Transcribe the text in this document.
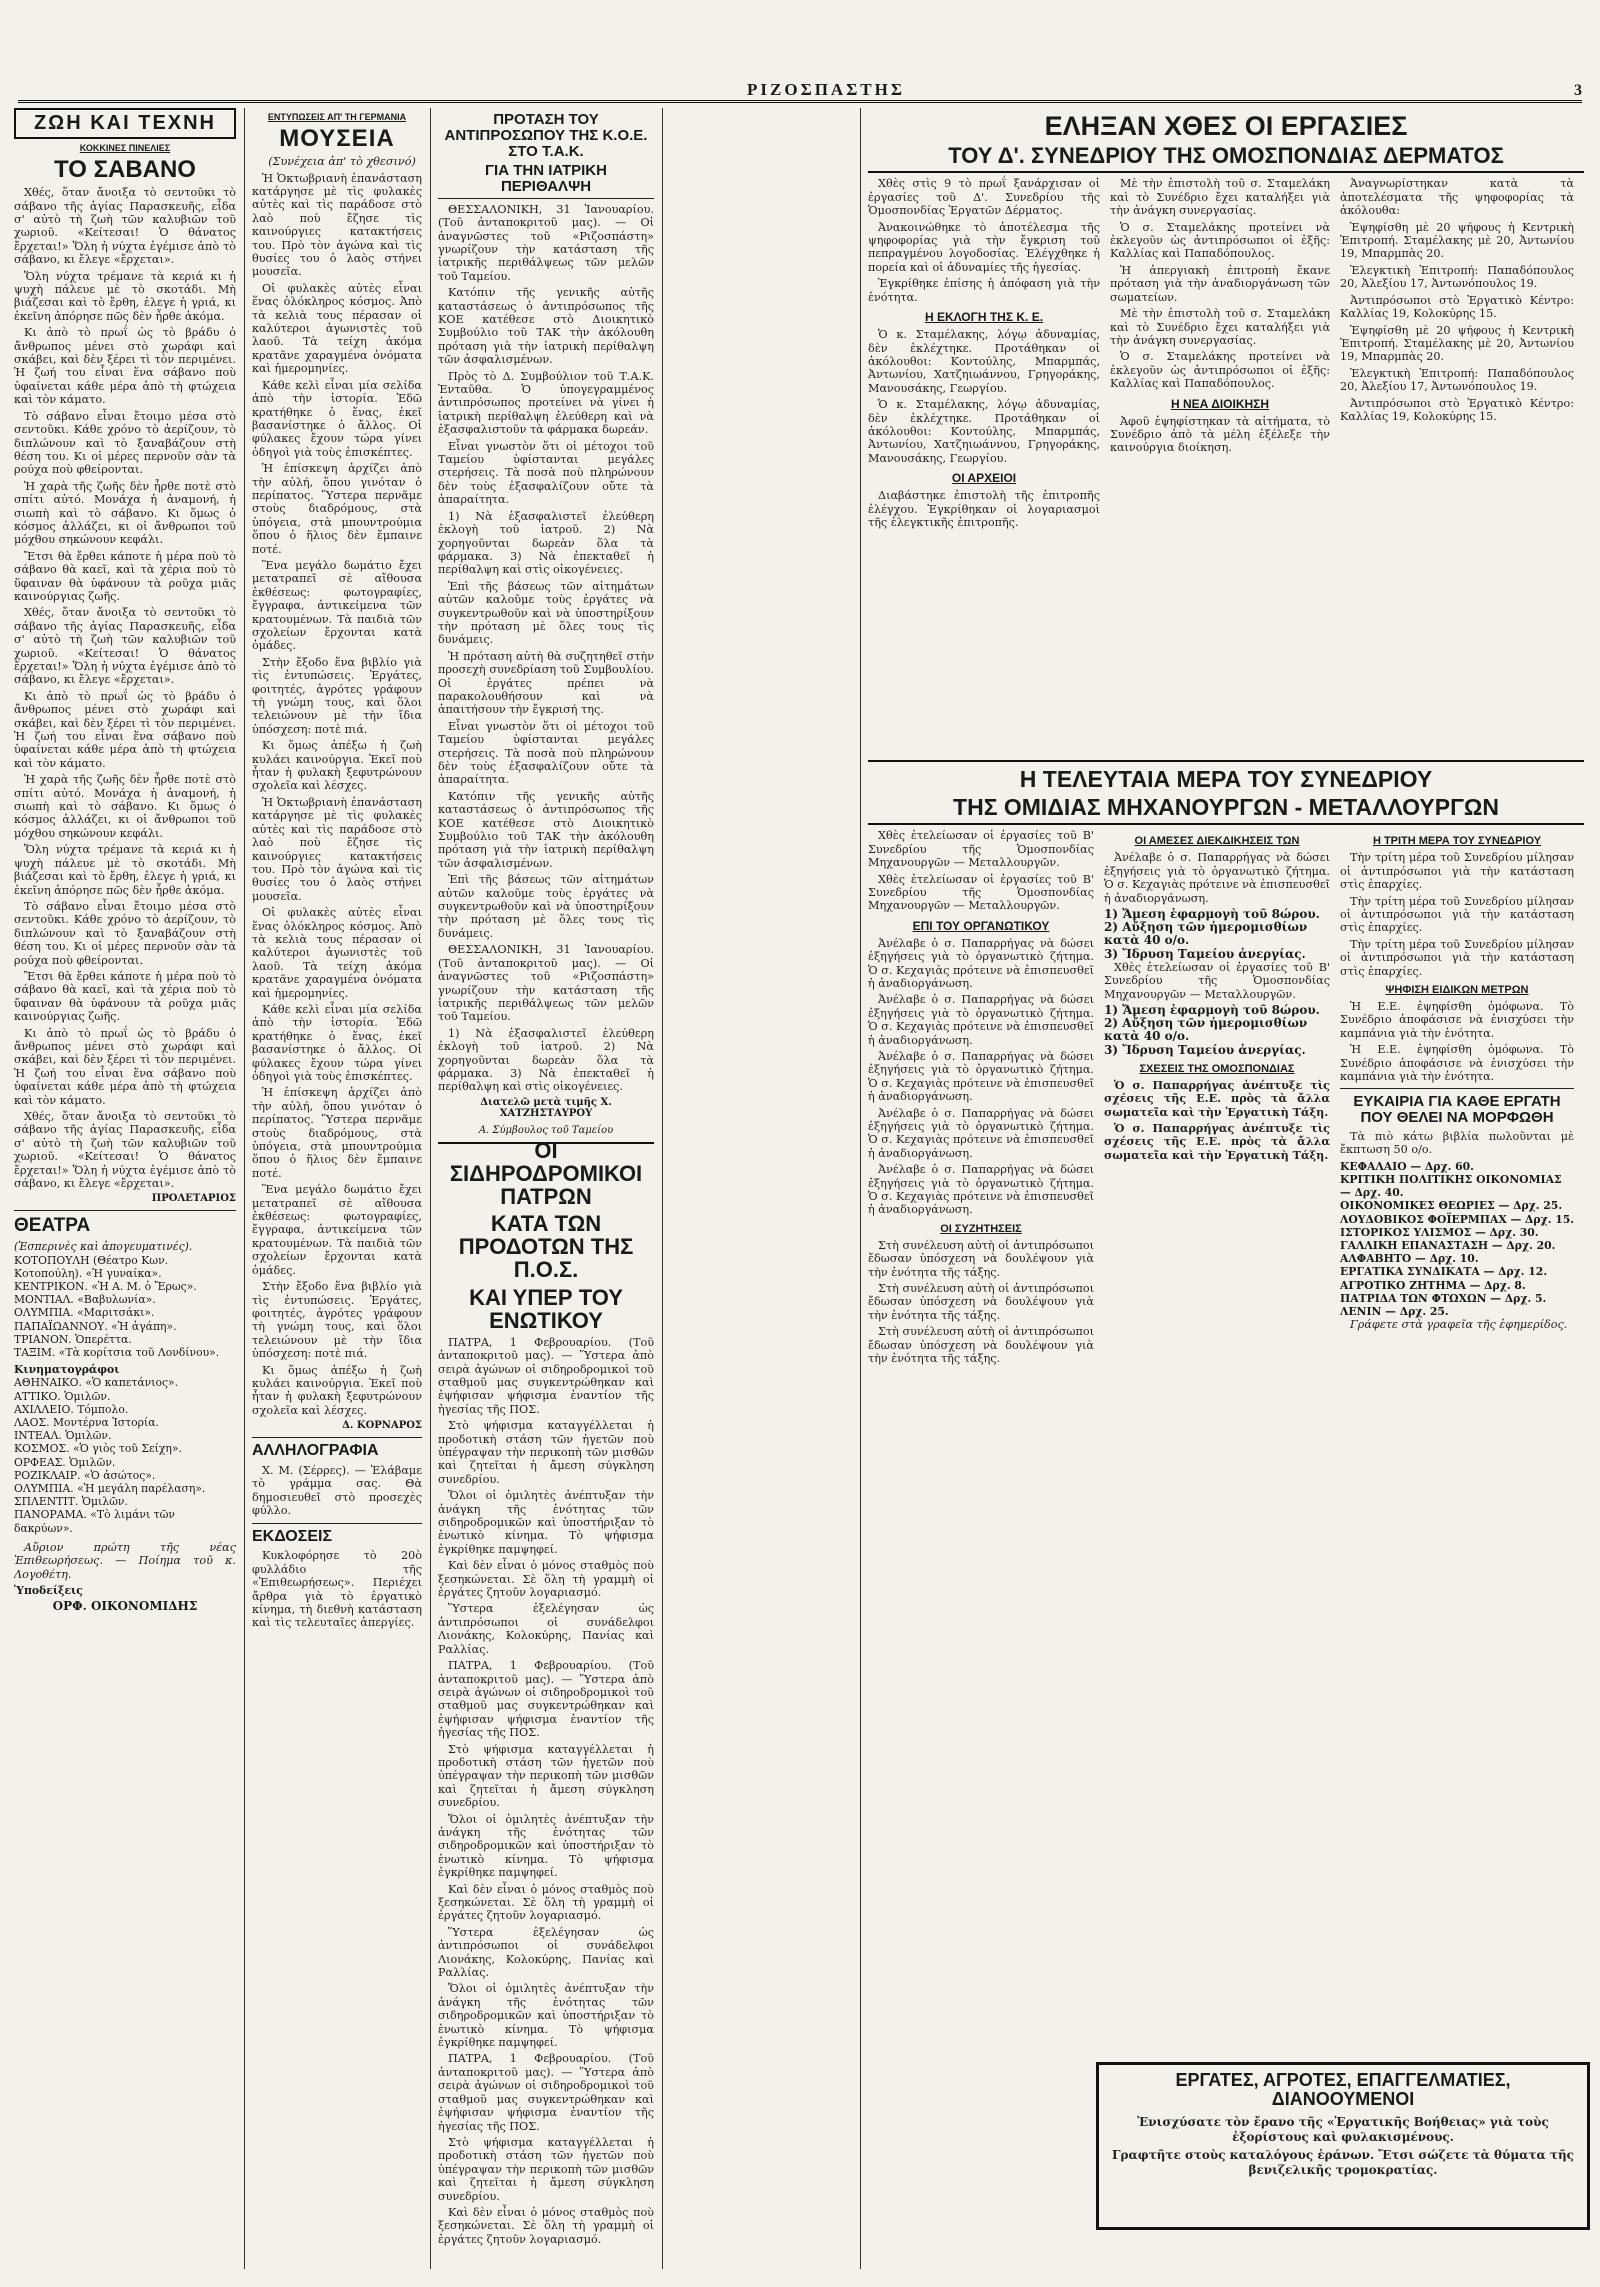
ΡΙΖΟΣΠΑΣΤΗΣ	3
ΖΩΗ ΚΑΙ ΤΕΧΝΗ
ΚΟΚΚΙΝΕΣ ΠΙΝΕΛΙΕΣ
ΤΟ ΣΑΒΑΝΟ

Χθές, ὅταν ἄνοιξα τὸ σεντοῦκι τὸ σάβανο τῆς ἀγίας Παρασκευῆς, εἶδα σ' αὐτὸ τὴ ζωὴ τῶν καλυβιῶν τοῦ χωριοῦ. «Κείτεσαι! Ὁ θάνατος ἔρχεται!» Ὅλη ἡ νύχτα ἐγέμισε ἀπὸ τὸ σάβανο, κι ἔλεγε «ἔρχεται».

Ὅλη νύχτα τρέμανε τὰ κεριά κι ἡ ψυχὴ πάλευε μὲ τὸ σκοτάδι. Μὴ βιάζεσαι καὶ τὸ ἔρθη, ἐλεγε ἡ γριά, κι ἐκεῖνη ἀπόρησε πῶς δὲν ἦρθε ἀκόμα.

Κι ἀπὸ τὸ πρωΐ ὡς τὸ βράδυ ὁ ἄνθρωπος μένει στὸ χωράφι καὶ σκάβει, καὶ δὲν ξέρει τὶ τὸν περιμένει. Ἡ ζωή του εἶναι ἕνα σάβανο ποὺ ὑφαίνεται κάθε μέρα ἀπὸ τὴ φτώχεια καὶ τὸν κάματο.

Τὸ σάβανο εἶναι ἔτοιμο μέσα στὸ σεντοῦκι. Κάθε χρόνο τὸ ἀερίζουν, τὸ διπλώνουν καὶ τὸ ξαναβάζουν στὴ θέση του. Κι οἱ μέρες περνοῦν σὰν τὰ ρούχα ποὺ φθείρονται.

Ἡ χαρὰ τῆς ζωῆς δὲν ἦρθε ποτὲ στὸ σπίτι αὐτό. Μονάχα ἡ ἀναμονή, ἡ σιωπὴ καὶ τὸ σάβανο. Κι ὅμως ὁ κόσμος ἀλλάζει, κι οἱ ἄνθρωποι τοῦ μόχθου σηκώνουν κεφάλι.

Ἔτσι θὰ ἔρθει κάποτε ἡ μέρα ποὺ τὸ σάβανο θὰ καεῖ, καὶ τὰ χέρια ποὺ τὸ ὕφαιναν θὰ ὑφάνουν τὰ ροῦχα μιᾶς καινούργιας ζωῆς.

Χθές, ὅταν ἄνοιξα τὸ σεντοῦκι τὸ σάβανο τῆς ἀγίας Παρασκευῆς, εἶδα σ' αὐτὸ τὴ ζωὴ τῶν καλυβιῶν τοῦ χωριοῦ. «Κείτεσαι! Ὁ θάνατος ἔρχεται!» Ὅλη ἡ νύχτα ἐγέμισε ἀπὸ τὸ σάβανο, κι ἔλεγε «ἔρχεται».

Κι ἀπὸ τὸ πρωΐ ὡς τὸ βράδυ ὁ ἄνθρωπος μένει στὸ χωράφι καὶ σκάβει, καὶ δὲν ξέρει τὶ τὸν περιμένει. Ἡ ζωή του εἶναι ἕνα σάβανο ποὺ ὑφαίνεται κάθε μέρα ἀπὸ τὴ φτώχεια καὶ τὸν κάματο.

Ἡ χαρὰ τῆς ζωῆς δὲν ἦρθε ποτὲ στὸ σπίτι αὐτό. Μονάχα ἡ ἀναμονή, ἡ σιωπὴ καὶ τὸ σάβανο. Κι ὅμως ὁ κόσμος ἀλλάζει, κι οἱ ἄνθρωποι τοῦ μόχθου σηκώνουν κεφάλι.

Ὅλη νύχτα τρέμανε τὰ κεριά κι ἡ ψυχὴ πάλευε μὲ τὸ σκοτάδι. Μὴ βιάζεσαι καὶ τὸ ἔρθη, ἐλεγε ἡ γριά, κι ἐκεῖνη ἀπόρησε πῶς δὲν ἦρθε ἀκόμα.

Τὸ σάβανο εἶναι ἔτοιμο μέσα στὸ σεντοῦκι. Κάθε χρόνο τὸ ἀερίζουν, τὸ διπλώνουν καὶ τὸ ξαναβάζουν στὴ θέση του. Κι οἱ μέρες περνοῦν σὰν τὰ ρούχα ποὺ φθείρονται.

Ἔτσι θὰ ἔρθει κάποτε ἡ μέρα ποὺ τὸ σάβανο θὰ καεῖ, καὶ τὰ χέρια ποὺ τὸ ὕφαιναν θὰ ὑφάνουν τὰ ροῦχα μιᾶς καινούργιας ζωῆς.

Κι ἀπὸ τὸ πρωΐ ὡς τὸ βράδυ ὁ ἄνθρωπος μένει στὸ χωράφι καὶ σκάβει, καὶ δὲν ξέρει τὶ τὸν περιμένει. Ἡ ζωή του εἶναι ἕνα σάβανο ποὺ ὑφαίνεται κάθε μέρα ἀπὸ τὴ φτώχεια καὶ τὸν κάματο.

Χθές, ὅταν ἄνοιξα τὸ σεντοῦκι τὸ σάβανο τῆς ἀγίας Παρασκευῆς, εἶδα σ' αὐτὸ τὴ ζωὴ τῶν καλυβιῶν τοῦ χωριοῦ. «Κείτεσαι! Ὁ θάνατος ἔρχεται!» Ὅλη ἡ νύχτα ἐγέμισε ἀπὸ τὸ σάβανο, κι ἔλεγε «ἔρχεται».

ΠΡΟΛΕΤΑΡΙΟΣ
ΘΕΑΤΡΑ

(Ἑσπερινὲς καὶ ἀπογευματινές).

ΚΟΤΟΠΟΥΛΗ (Θέατρο Κων. Κοτοπούλη). «Ἡ γυναίκα».

ΚΕΝΤΡΙΚΟΝ. «Ἡ Α. Μ. ὁ Ἔρως».

ΜΟΝΤΙΑΛ. «Βαβυλωνία».

ΟΛΥΜΠΙΑ. «Μαριτσάκι».

ΠΑΠΑΪΩΑΝΝΟΥ. «Ἡ ἀγάπη».

ΤΡΙΑΝΟΝ. Ὁπερέττα.

ΤΑΞΙΜ. «Τὰ κορίτσια τοῦ Λονδίνου».

Κινηματογράφοι

ΑΘΗΝΑΙΚΟ. «Ὁ καπετάνιος».

ΑΤΤΙΚΟ. Ὁμιλῶν.

ΑΧΙΛΛΕΙΟ. Τόμπολο.

ΛΑΟΣ. Μοντέρνα Ἱστορία.

ΙΝΤΕΑΛ. Ὁμιλῶν.

ΚΟΣΜΟΣ. «Ὁ γιὸς τοῦ Σείχη».

ΟΡΦΕΑΣ. Ὁμιλῶν.

ΡΟΖΙΚΛΑΙΡ. «Ὁ ἀσώτος».

ΟΛΥΜΠΙΑ. «Ἡ μεγάλη παρέλαση».

ΣΠΛΕΝΤΙΤ. Ὁμιλῶν.

ΠΑΝΟΡΑΜΑ. «Τὸ λιμάνι τῶν δακρύων».

Αὔριον πρώτη τῆς νέας Ἐπιθεωρήσεως. — Ποίημα τοῦ κ. Λογοθέτη.

Ὑποδείξεις

ΟΡΦ. ΟΙΚΟΝΟΜΙΔΗΣ
ΕΝΤΥΠΩΣΕΙΣ ΑΠ' ΤΗ ΓΕΡΜΑΝΙΑ
ΜΟΥΣΕΙΑ

(Συνέχεια ἀπ' τὸ χθεσινό)

Ἡ Ὀκτωβριανὴ ἐπανάσταση κατάργησε μὲ τὶς φυλακὲς αὐτὲς καὶ τὶς παράδοσε στὸ λαὸ ποὺ ἔζησε τὶς καινούργιες κατακτήσεις του. Πρὸ τὸν ἀγώνα καὶ τὶς θυσίες του ὁ λαὸς στήνει μουσεῖα.

Οἱ φυλακὲς αὐτὲς εἶναι ἕνας ὁλόκληρος κόσμος. Ἀπὸ τὰ κελιὰ τους πέρασαν οἱ καλύτεροι ἀγωνιστὲς τοῦ λαοῦ. Τὰ τείχη ἀκόμα κρατᾶνε χαραγμένα ὀνόματα καὶ ἡμερομηνίες.

Κάθε κελὶ εἶναι μία σελίδα ἀπὸ τὴν ἱστορία. Ἐδῶ κρατήθηκε ὁ ἕνας, ἐκεῖ βασανίστηκε ὁ ἄλλος. Οἱ φύλακες ἔχουν τώρα γίνει ὁδηγοὶ γιὰ τοὺς ἐπισκέπτες.

Ἡ ἐπίσκεψη ἀρχίζει ἀπὸ τὴν αὐλή, ὅπου γινόταν ὁ περίπατος. Ὕστερα περνᾶμε στοὺς διαδρόμους, στὰ ὑπόγεια, στὰ μπουντρούμια ὅπου ὁ ἥλιος δὲν ἔμπαινε ποτέ.

Ἕνα μεγάλο δωμάτιο ἔχει μετατραπεῖ σὲ αἴθουσα ἐκθέσεως: φωτογραφίες, ἔγγραφα, ἀντικείμενα τῶν κρατουμένων. Τὰ παιδιὰ τῶν σχολείων ἔρχονται κατὰ ὁμάδες.

Στὴν ἔξοδο ἕνα βιβλίο γιὰ τὶς ἐντυπώσεις. Ἐργάτες, φοιτητές, ἀγρότες γράφουν τὴ γνώμη τους, καὶ ὅλοι τελειώνουν μὲ τὴν ἴδια ὑπόσχεση: ποτὲ πιά.

Κι ὅμως ἀπέξω ἡ ζωὴ κυλάει καινούργια. Ἐκεῖ ποὺ ἦταν ἡ φυλακὴ ξεφυτρώνουν σχολεῖα καὶ λέσχες.

Ἡ Ὀκτωβριανὴ ἐπανάσταση κατάργησε μὲ τὶς φυλακὲς αὐτὲς καὶ τὶς παράδοσε στὸ λαὸ ποὺ ἔζησε τὶς καινούργιες κατακτήσεις του. Πρὸ τὸν ἀγώνα καὶ τὶς θυσίες του ὁ λαὸς στήνει μουσεῖα.

Οἱ φυλακὲς αὐτὲς εἶναι ἕνας ὁλόκληρος κόσμος. Ἀπὸ τὰ κελιὰ τους πέρασαν οἱ καλύτεροι ἀγωνιστὲς τοῦ λαοῦ. Τὰ τείχη ἀκόμα κρατᾶνε χαραγμένα ὀνόματα καὶ ἡμερομηνίες.

Κάθε κελὶ εἶναι μία σελίδα ἀπὸ τὴν ἱστορία. Ἐδῶ κρατήθηκε ὁ ἕνας, ἐκεῖ βασανίστηκε ὁ ἄλλος. Οἱ φύλακες ἔχουν τώρα γίνει ὁδηγοὶ γιὰ τοὺς ἐπισκέπτες.

Ἡ ἐπίσκεψη ἀρχίζει ἀπὸ τὴν αὐλή, ὅπου γινόταν ὁ περίπατος. Ὕστερα περνᾶμε στοὺς διαδρόμους, στὰ ὑπόγεια, στὰ μπουντρούμια ὅπου ὁ ἥλιος δὲν ἔμπαινε ποτέ.

Ἕνα μεγάλο δωμάτιο ἔχει μετατραπεῖ σὲ αἴθουσα ἐκθέσεως: φωτογραφίες, ἔγγραφα, ἀντικείμενα τῶν κρατουμένων. Τὰ παιδιὰ τῶν σχολείων ἔρχονται κατὰ ὁμάδες.

Στὴν ἔξοδο ἕνα βιβλίο γιὰ τὶς ἐντυπώσεις. Ἐργάτες, φοιτητές, ἀγρότες γράφουν τὴ γνώμη τους, καὶ ὅλοι τελειώνουν μὲ τὴν ἴδια ὑπόσχεση: ποτὲ πιά.

Κι ὅμως ἀπέξω ἡ ζωὴ κυλάει καινούργια. Ἐκεῖ ποὺ ἦταν ἡ φυλακὴ ξεφυτρώνουν σχολεῖα καὶ λέσχες.

Δ. ΚΟΡΝΑΡΟΣ
ΑΛΛΗΛΟΓΡΑΦΙΑ

Χ. Μ. (Σέρρες). — Ἐλάβαμε τὸ γράμμα σας. Θὰ δημοσιευθεῖ στὸ προσεχὲς φύλλο.

ΕΚΔΟΣΕΙΣ

Κυκλοφόρησε τὸ 20ὸ φυλλάδιο τῆς «Ἐπιθεωρήσεως». Περιέχει ἄρθρα γιὰ τὸ ἐργατικὸ κίνημα, τὴ διεθνὴ κατάσταση καὶ τὶς τελευταῖες ἀπεργίες.

ΠΡΟΤΑΣΗ ΤΟΥ ΑΝΤΙΠΡΟΣΩΠΟΥ ΤΗΣ Κ.Ο.Ε. ΣΤΟ Τ.Α.Κ.
ΓΙΑ ΤΗΝ ΙΑΤΡΙΚΗ ΠΕΡΙΘΑΛΨΗ

ΘΕΣΣΑΛΟΝΙΚΗ, 31 Ἰανουαρίου. (Τοῦ ἀνταποκριτοῦ μας). — Οἱ ἀναγνῶστες τοῦ «Ριζοσπάστη» γνωρίζουν τὴν κατάσταση τῆς ἰατρικῆς περιθάλψεως τῶν μελῶν τοῦ Ταμείου.

Κατόπιν τῆς γενικῆς αὐτῆς καταστάσεως ὁ ἀντιπρόσωπος τῆς ΚΟΕ κατέθεσε στὸ Διοικητικὸ Συμβούλιο τοῦ ΤΑΚ τὴν ἀκόλουθη πρόταση γιὰ τὴν ἰατρικὴ περίθαλψη τῶν ἀσφαλισμένων.

Πρὸς τὸ Δ. Συμβούλιον τοῦ Τ.Α.Κ. Ἐνταῦθα. Ὁ ὑπογεγραμμένος ἀντιπρόσωπος προτείνει νὰ γίνει ἡ ἰατρικὴ περίθαλψη ἐλεύθερη καὶ νὰ ἐξασφαλιστοῦν τὰ φάρμακα δωρεάν.

Εἶναι γνωστὸν ὅτι οἱ μέτοχοι τοῦ Ταμείου ὑφίστανται μεγάλες στερήσεις. Τὰ ποσὰ ποὺ πληρώνουν δὲν τοὺς ἐξασφαλίζουν οὔτε τὰ ἀπαραίτητα.

1) Νὰ ἐξασφαλιστεῖ ἐλεύθερη ἐκλογὴ τοῦ ἰατροῦ. 2) Νὰ χορηγοῦνται δωρεὰν ὅλα τὰ φάρμακα. 3) Νὰ ἐπεκταθεῖ ἡ περίθαλψη καὶ στὶς οἰκογένειες.

Ἐπὶ τῆς βάσεως τῶν αἰτημάτων αὐτῶν καλοῦμε τοὺς ἐργάτες νὰ συγκεντρωθοῦν καὶ νὰ ὑποστηρίξουν τὴν πρόταση μὲ ὅλες τους τὶς δυνάμεις.

Ἡ πρόταση αὐτὴ θὰ συζητηθεῖ στὴν προσεχὴ συνεδρίαση τοῦ Συμβουλίου. Οἱ ἐργάτες πρέπει νὰ παρακολουθήσουν καὶ νὰ ἀπαιτήσουν τὴν ἔγκρισή της.

Εἶναι γνωστὸν ὅτι οἱ μέτοχοι τοῦ Ταμείου ὑφίστανται μεγάλες στερήσεις. Τὰ ποσὰ ποὺ πληρώνουν δὲν τοὺς ἐξασφαλίζουν οὔτε τὰ ἀπαραίτητα.

Κατόπιν τῆς γενικῆς αὐτῆς καταστάσεως ὁ ἀντιπρόσωπος τῆς ΚΟΕ κατέθεσε στὸ Διοικητικὸ Συμβούλιο τοῦ ΤΑΚ τὴν ἀκόλουθη πρόταση γιὰ τὴν ἰατρικὴ περίθαλψη τῶν ἀσφαλισμένων.

Ἐπὶ τῆς βάσεως τῶν αἰτημάτων αὐτῶν καλοῦμε τοὺς ἐργάτες νὰ συγκεντρωθοῦν καὶ νὰ ὑποστηρίξουν τὴν πρόταση μὲ ὅλες τους τὶς δυνάμεις.

ΘΕΣΣΑΛΟΝΙΚΗ, 31 Ἰανουαρίου. (Τοῦ ἀνταποκριτοῦ μας). — Οἱ ἀναγνῶστες τοῦ «Ριζοσπάστη» γνωρίζουν τὴν κατάσταση τῆς ἰατρικῆς περιθάλψεως τῶν μελῶν τοῦ Ταμείου.

1) Νὰ ἐξασφαλιστεῖ ἐλεύθερη ἐκλογὴ τοῦ ἰατροῦ. 2) Νὰ χορηγοῦνται δωρεὰν ὅλα τὰ φάρμακα. 3) Νὰ ἐπεκταθεῖ ἡ περίθαλψη καὶ στὶς οἰκογένειες.

Διατελῶ μετὰ τιμῆς Χ. ΧΑΤΖΗΣΤΑΥΡΟΥ
Α. Σύμβουλος τοῦ Ταμείου
ΟΙ ΣΙΔΗΡΟΔΡΟΜΙΚΟΙ ΠΑΤΡΩΝ
ΚΑΤΑ ΤΩΝ ΠΡΟΔΟΤΩΝ ΤΗΣ Π.Ο.Σ.
ΚΑΙ ΥΠΕΡ ΤΟΥ ΕΝΩΤΙΚΟΥ

ΠΑΤΡΑ, 1 Φεβρουαρίου. (Τοῦ ἀνταποκριτοῦ μας). — Ὕστερα ἀπὸ σειρὰ ἀγώνων οἱ σιδηροδρομικοὶ τοῦ σταθμοῦ μας συγκεντρώθηκαν καὶ ἐψήφισαν ψήφισμα ἐναντίον τῆς ἡγεσίας τῆς ΠΟΣ.

Στὸ ψήφισμα καταγγέλλεται ἡ προδοτικὴ στάση τῶν ἡγετῶν ποὺ ὑπέγραψαν τὴν περικοπὴ τῶν μισθῶν καὶ ζητεῖται ἡ ἄμεση σύγκληση συνεδρίου.

Ὅλοι οἱ ὁμιλητὲς ἀνέπτυξαν τὴν ἀνάγκη τῆς ἑνότητας τῶν σιδηροδρομικῶν καὶ ὑποστήριξαν τὸ ἑνωτικὸ κίνημα. Τὸ ψήφισμα ἐγκρίθηκε παμψηφεί.

Καὶ δὲν εἶναι ὁ μόνος σταθμὸς ποὺ ξεσηκώνεται. Σὲ ὅλη τὴ γραμμὴ οἱ ἐργάτες ζητοῦν λογαριασμό.

Ὕστερα ἐξελέγησαν ὡς ἀντιπρόσωποι οἱ συνάδελφοι Λιονάκης, Κολοκύρης, Πανίας καὶ Ραλλίας.

ΠΑΤΡΑ, 1 Φεβρουαρίου. (Τοῦ ἀνταποκριτοῦ μας). — Ὕστερα ἀπὸ σειρὰ ἀγώνων οἱ σιδηροδρομικοὶ τοῦ σταθμοῦ μας συγκεντρώθηκαν καὶ ἐψήφισαν ψήφισμα ἐναντίον τῆς ἡγεσίας τῆς ΠΟΣ.

Στὸ ψήφισμα καταγγέλλεται ἡ προδοτικὴ στάση τῶν ἡγετῶν ποὺ ὑπέγραψαν τὴν περικοπὴ τῶν μισθῶν καὶ ζητεῖται ἡ ἄμεση σύγκληση συνεδρίου.

Ὅλοι οἱ ὁμιλητὲς ἀνέπτυξαν τὴν ἀνάγκη τῆς ἑνότητας τῶν σιδηροδρομικῶν καὶ ὑποστήριξαν τὸ ἑνωτικὸ κίνημα. Τὸ ψήφισμα ἐγκρίθηκε παμψηφεί.

Καὶ δὲν εἶναι ὁ μόνος σταθμὸς ποὺ ξεσηκώνεται. Σὲ ὅλη τὴ γραμμὴ οἱ ἐργάτες ζητοῦν λογαριασμό.

Ὕστερα ἐξελέγησαν ὡς ἀντιπρόσωποι οἱ συνάδελφοι Λιονάκης, Κολοκύρης, Πανίας καὶ Ραλλίας.

Ὅλοι οἱ ὁμιλητὲς ἀνέπτυξαν τὴν ἀνάγκη τῆς ἑνότητας τῶν σιδηροδρομικῶν καὶ ὑποστήριξαν τὸ ἑνωτικὸ κίνημα. Τὸ ψήφισμα ἐγκρίθηκε παμψηφεί.

ΠΑΤΡΑ, 1 Φεβρουαρίου. (Τοῦ ἀνταποκριτοῦ μας). — Ὕστερα ἀπὸ σειρὰ ἀγώνων οἱ σιδηροδρομικοὶ τοῦ σταθμοῦ μας συγκεντρώθηκαν καὶ ἐψήφισαν ψήφισμα ἐναντίον τῆς ἡγεσίας τῆς ΠΟΣ.

Στὸ ψήφισμα καταγγέλλεται ἡ προδοτικὴ στάση τῶν ἡγετῶν ποὺ ὑπέγραψαν τὴν περικοπὴ τῶν μισθῶν καὶ ζητεῖται ἡ ἄμεση σύγκληση συνεδρίου.

Καὶ δὲν εἶναι ὁ μόνος σταθμὸς ποὺ ξεσηκώνεται. Σὲ ὅλη τὴ γραμμὴ οἱ ἐργάτες ζητοῦν λογαριασμό.

ΕΛΗΞΑΝ ΧΘΕΣ ΟΙ ΕΡΓΑΣΙΕΣ
ΤΟΥ Δ'. ΣΥΝΕΔΡΙΟΥ ΤΗΣ ΟΜΟΣΠΟΝΔΙΑΣ ΔΕΡΜΑΤΟΣ

Χθὲς στὶς 9 τὸ πρωΐ ξανάρχισαν οἱ ἐργασίες τοῦ Δ'. Συνεδρίου τῆς Ὁμοσπονδίας Ἐργατῶν Δέρματος.

Ἀνακοινώθηκε τὸ ἀποτέλεσμα τῆς ψηφοφορίας γιὰ τὴν ἔγκριση τοῦ πεπραγμένου λογοδοσίας. Ἐλέγχθηκε ἡ πορεία καὶ οἱ ἀδυναμίες τῆς ἡγεσίας.

Ἐγκρίθηκε ἐπίσης ἡ ἀπόφαση γιὰ τὴν ἑνότητα.

Η ΕΚΛΟΓΗ ΤΗΣ Κ. Ε.

Ὁ κ. Σταμέλακης, λόγῳ ἀδυναμίας, δὲν ἐκλέχτηκε. Προτάθηκαν οἱ ἀκόλουθοι: Κοντούλης, Μπαρμπάς, Ἀντωνίου, Χατζηιωάννου, Γρηγοράκης, Μανουσάκης, Γεωργίου.

Ὁ κ. Σταμέλακης, λόγῳ ἀδυναμίας, δὲν ἐκλέχτηκε. Προτάθηκαν οἱ ἀκόλουθοι: Κοντούλης, Μπαρμπάς, Ἀντωνίου, Χατζηιωάννου, Γρηγοράκης, Μανουσάκης, Γεωργίου.

ΟΙ ΑΡΧΕΙΟΙ

Διαβάστηκε ἐπιστολὴ τῆς ἐπιτροπῆς ἐλέγχου. Ἐγκρίθηκαν οἱ λογαριασμοὶ τῆς ἐλεγκτικῆς ἐπιτροπῆς.

Μὲ τὴν ἐπιστολὴ τοῦ σ. Σταμελάκη καὶ τὸ Συνέδριο ἔχει καταλήξει γιὰ τὴν ἀνάγκη συνεργασίας.

Ὁ σ. Σταμελάκης προτείνει νὰ ἐκλεγοῦν ὡς ἀντιπρόσωποι οἱ ἑξῆς: Καλλίας καὶ Παπαδόπουλος.

Ἡ ἀπεργιακὴ ἐπιτροπὴ ἔκανε πρόταση γιὰ τὴν ἀναδιοργάνωση τῶν σωματείων.

Μὲ τὴν ἐπιστολὴ τοῦ σ. Σταμελάκη καὶ τὸ Συνέδριο ἔχει καταλήξει γιὰ τὴν ἀνάγκη συνεργασίας.

Ὁ σ. Σταμελάκης προτείνει νὰ ἐκλεγοῦν ὡς ἀντιπρόσωποι οἱ ἑξῆς: Καλλίας καὶ Παπαδόπουλος.

Η ΝΕΑ ΔΙΟΙΚΗΣΗ

Ἀφοῦ ἐψηφίστηκαν τὰ αἰτήματα, τὸ Συνέδριο ἀπὸ τὰ μέλη ἐξέλεξε τὴν καινούργια διοίκηση.

Ἀναγνωρίστηκαν κατὰ τὰ ἀποτελέσματα τῆς ψηφοφορίας τὰ ἀκόλουθα:

Ἐψηφίσθη μὲ 20 ψήφους ἡ Κεντρικὴ Ἐπιτροπή. Σταμέλακης μὲ 20, Ἀντωνίου 19, Μπαρμπὰς 20.

Ἐλεγκτικὴ Ἐπιτροπή: Παπαδόπουλος 20, Ἀλεξίου 17, Ἀντωνόπουλος 19.

Ἀντιπρόσωποι στὸ Ἐργατικὸ Κέντρο: Καλλίας 19, Κολοκύρης 15.

Ἐψηφίσθη μὲ 20 ψήφους ἡ Κεντρικὴ Ἐπιτροπή. Σταμέλακης μὲ 20, Ἀντωνίου 19, Μπαρμπὰς 20.

Ἐλεγκτικὴ Ἐπιτροπή: Παπαδόπουλος 20, Ἀλεξίου 17, Ἀντωνόπουλος 19.

Ἀντιπρόσωποι στὸ Ἐργατικὸ Κέντρο: Καλλίας 19, Κολοκύρης 15.

Η ΤΕΛΕΥΤΑΙΑ ΜΕΡΑ ΤΟΥ ΣΥΝΕΔΡΙΟΥ
ΤΗΣ ΟΜΙΔΙΑΣ ΜΗΧΑΝΟΥΡΓΩΝ - ΜΕΤΑΛΛΟΥΡΓΩΝ

Χθὲς ἐτελείωσαν οἱ ἐργασίες τοῦ Β' Συνεδρίου τῆς Ὁμοσπονδίας Μηχανουργῶν — Μεταλλουργῶν.

Χθὲς ἐτελείωσαν οἱ ἐργασίες τοῦ Β' Συνεδρίου τῆς Ὁμοσπονδίας Μηχανουργῶν — Μεταλλουργῶν.

ΕΠΙ ΤΟΥ ΟΡΓΑΝΩΤΙΚΟΥ

Ἀνέλαβε ὁ σ. Παπαρρήγας νὰ δώσει ἐξηγήσεις γιὰ τὸ ὀργανωτικὸ ζήτημα. Ὁ σ. Κεχαγιὰς πρότεινε νὰ ἐπισπευσθεῖ ἡ ἀναδιοργάνωση.

Ἀνέλαβε ὁ σ. Παπαρρήγας νὰ δώσει ἐξηγήσεις γιὰ τὸ ὀργανωτικὸ ζήτημα. Ὁ σ. Κεχαγιὰς πρότεινε νὰ ἐπισπευσθεῖ ἡ ἀναδιοργάνωση.

Ἀνέλαβε ὁ σ. Παπαρρήγας νὰ δώσει ἐξηγήσεις γιὰ τὸ ὀργανωτικὸ ζήτημα. Ὁ σ. Κεχαγιὰς πρότεινε νὰ ἐπισπευσθεῖ ἡ ἀναδιοργάνωση.

Ἀνέλαβε ὁ σ. Παπαρρήγας νὰ δώσει ἐξηγήσεις γιὰ τὸ ὀργανωτικὸ ζήτημα. Ὁ σ. Κεχαγιὰς πρότεινε νὰ ἐπισπευσθεῖ ἡ ἀναδιοργάνωση.

Ἀνέλαβε ὁ σ. Παπαρρήγας νὰ δώσει ἐξηγήσεις γιὰ τὸ ὀργανωτικὸ ζήτημα. Ὁ σ. Κεχαγιὰς πρότεινε νὰ ἐπισπευσθεῖ ἡ ἀναδιοργάνωση.

ΟΙ ΣΥΖΗΤΗΣΕΙΣ

Στὴ συνέλευση αὐτὴ οἱ ἀντιπρόσωποι ἔδωσαν ὑπόσχεση νὰ δουλέψουν γιὰ τὴν ἑνότητα τῆς τάξης.

Στὴ συνέλευση αὐτὴ οἱ ἀντιπρόσωποι ἔδωσαν ὑπόσχεση νὰ δουλέψουν γιὰ τὴν ἑνότητα τῆς τάξης.

Στὴ συνέλευση αὐτὴ οἱ ἀντιπρόσωποι ἔδωσαν ὑπόσχεση νὰ δουλέψουν γιὰ τὴν ἑνότητα τῆς τάξης.

ΟΙ ΑΜΕΣΕΣ ΔΙΕΚΔΙΚΗΣΕΙΣ ΤΩΝ

Ἀνέλαβε ὁ σ. Παπαρρήγας νὰ δώσει ἐξηγήσεις γιὰ τὸ ὀργανωτικὸ ζήτημα. Ὁ σ. Κεχαγιὰς πρότεινε νὰ ἐπισπευσθεῖ ἡ ἀναδιοργάνωση.

1) Ἄμεση ἐφαρμογὴ τοῦ 8ώρου.

2) Αὔξηση τῶν ἡμερομισθίων κατὰ 40 ο/ο.

3) Ἴδρυση Ταμείου ἀνεργίας.

Χθὲς ἐτελείωσαν οἱ ἐργασίες τοῦ Β' Συνεδρίου τῆς Ὁμοσπονδίας Μηχανουργῶν — Μεταλλουργῶν.

1) Ἄμεση ἐφαρμογὴ τοῦ 8ώρου.

2) Αὔξηση τῶν ἡμερομισθίων κατὰ 40 ο/ο.

3) Ἴδρυση Ταμείου ἀνεργίας.

ΣΧΕΣΕΙΣ ΤΗΣ ΟΜΟΣΠΟΝΔΙΑΣ

Ὁ σ. Παπαρρήγας ἀνέπτυξε τὶς σχέσεις τῆς Ε.Ε. πρὸς τὰ ἄλλα σωματεῖα καὶ τὴν Ἐργατικὴ Τάξη.

Ὁ σ. Παπαρρήγας ἀνέπτυξε τὶς σχέσεις τῆς Ε.Ε. πρὸς τὰ ἄλλα σωματεῖα καὶ τὴν Ἐργατικὴ Τάξη.

Η ΤΡΙΤΗ ΜΕΡΑ ΤΟΥ ΣΥΝΕΔΡΙΟΥ

Τὴν τρίτη μέρα τοῦ Συνεδρίου μίλησαν οἱ ἀντιπρόσωποι γιὰ τὴν κατάσταση στὶς ἐπαρχίες.

Τὴν τρίτη μέρα τοῦ Συνεδρίου μίλησαν οἱ ἀντιπρόσωποι γιὰ τὴν κατάσταση στὶς ἐπαρχίες.

Τὴν τρίτη μέρα τοῦ Συνεδρίου μίλησαν οἱ ἀντιπρόσωποι γιὰ τὴν κατάσταση στὶς ἐπαρχίες.

ΨΗΦΙΣΗ ΕΙΔΙΚΩΝ ΜΕΤΡΩΝ

Ἡ Ε.Ε. ἐψηφίσθη ὁμόφωνα. Τὸ Συνέδριο ἀποφάσισε νὰ ἐνισχύσει τὴν καμπάνια γιὰ τὴν ἑνότητα.

Ἡ Ε.Ε. ἐψηφίσθη ὁμόφωνα. Τὸ Συνέδριο ἀποφάσισε νὰ ἐνισχύσει τὴν καμπάνια γιὰ τὴν ἑνότητα.

ΕΥΚΑΙΡΙΑ ΓΙΑ ΚΑΘΕ ΕΡΓΑΤΗ ΠΟΥ ΘΕΛΕΙ ΝΑ ΜΟΡΦΩΘΗ

Τὰ πιὸ κάτω βιβλία πωλοῦνται μὲ ἔκπτωση 50 ο/ο.

ΚΕΦΑΛΑΙΟ — Δρχ. 60.

ΚΡΙΤΙΚΗ ΠΟΛΙΤΙΚΗΣ ΟΙΚΟΝΟΜΙΑΣ — Δρχ. 40.

ΟΙΚΟΝΟΜΙΚΕΣ ΘΕΩΡΙΕΣ — Δρχ. 25.

ΛΟΥΔΟΒΙΚΟΣ ΦΟΪΕΡΜΠΑΧ — Δρχ. 15.

ΙΣΤΟΡΙΚΟΣ ΥΛΙΣΜΟΣ — Δρχ. 30.

ΓΑΛΛΙΚΗ ΕΠΑΝΑΣΤΑΣΗ — Δρχ. 20.

ΑΛΦΑΒΗΤΟ — Δρχ. 10.

ΕΡΓΑΤΙΚΑ ΣΥΝΔΙΚΑΤΑ — Δρχ. 12.

ΑΓΡΟΤΙΚΟ ΖΗΤΗΜΑ — Δρχ. 8.

ΠΑΤΡΙΔΑ ΤΩΝ ΦΤΩΧΩΝ — Δρχ. 5.

ΛΕΝΙΝ — Δρχ. 25.

Γράφετε στὰ γραφεῖα τῆς ἐφημερίδος.

ΕΡΓΑΤΕΣ, ΑΓΡΟΤΕΣ, ΕΠΑΓΓΕΛΜΑΤΙΕΣ, ΔΙΑΝΟΟΥΜΕΝΟΙ

Ἐνισχύσατε τὸν ἔρανο τῆς «Ἐργατικῆς Βοήθειας» γιὰ τοὺς ἐξορίστους καὶ φυλακισμένους.

Γραφτῆτε στοὺς καταλόγους ἐράνων. Ἔτσι σώζετε τὰ θύματα τῆς βενιζελικῆς τρομοκρατίας.
